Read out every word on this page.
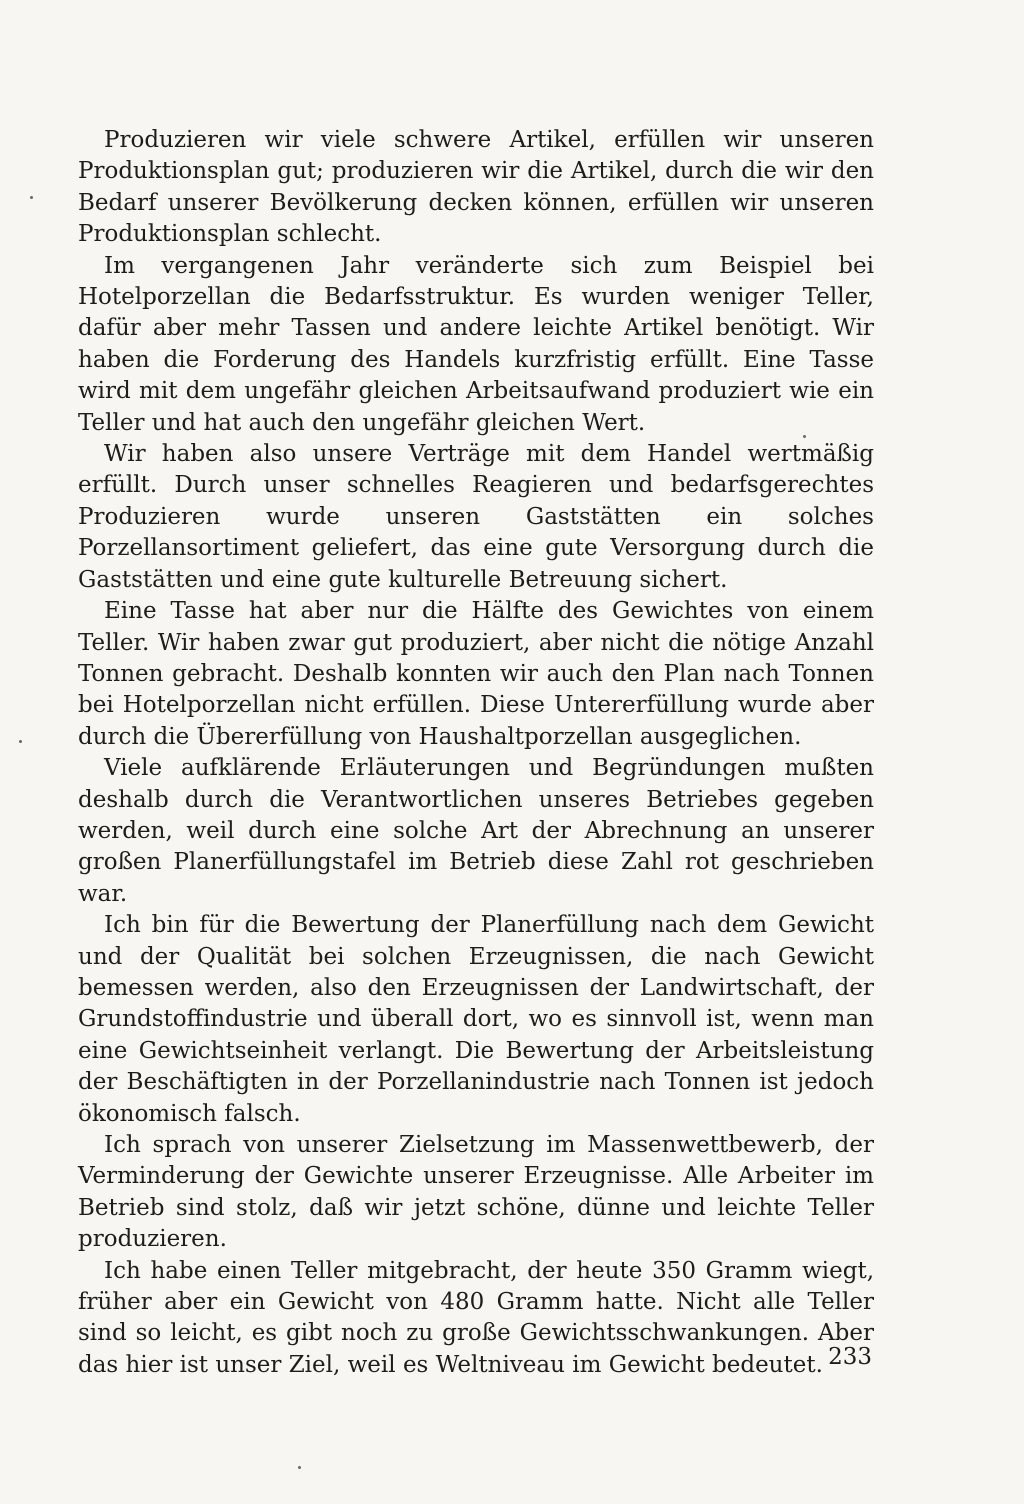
Produzieren wir viele schwere Artikel, erfüllen wir unseren Produktionsplan gut; produzieren wir die Artikel, durch die wir den Bedarf unserer Bevölkerung decken können, erfüllen wir unseren Produktionsplan schlecht.

Im vergangenen Jahr veränderte sich zum Beispiel bei Hotelporzellan die Bedarfsstruktur. Es wurden weniger Teller, dafür aber mehr Tassen und andere leichte Artikel benötigt. Wir haben die Forderung des Handels kurzfristig erfüllt. Eine Tasse wird mit dem ungefähr gleichen Arbeitsaufwand produziert wie ein Teller und hat auch den ungefähr gleichen Wert.

Wir haben also unsere Verträge mit dem Handel wertmäßig erfüllt. Durch unser schnelles Reagieren und bedarfsgerechtes Produzieren wurde unseren Gaststätten ein solches Porzellansortiment geliefert, das eine gute Versorgung durch die Gaststätten und eine gute kulturelle Betreuung sichert.

Eine Tasse hat aber nur die Hälfte des Gewichtes von einem Teller. Wir haben zwar gut produziert, aber nicht die nötige Anzahl Tonnen gebracht. Deshalb konnten wir auch den Plan nach Tonnen bei Hotelporzellan nicht erfüllen. Diese Untererfüllung wurde aber durch die Übererfüllung von Haushaltporzellan ausgeglichen.

Viele aufklärende Erläuterungen und Begründungen mußten deshalb durch die Verantwortlichen unseres Betriebes gegeben werden, weil durch eine solche Art der Abrechnung an unserer großen Planerfüllungstafel im Betrieb diese Zahl rot geschrieben war.

Ich bin für die Bewertung der Planerfüllung nach dem Gewicht und der Qualität bei solchen Erzeugnissen, die nach Gewicht bemessen werden, also den Erzeugnissen der Landwirtschaft, der Grundstoffindustrie und überall dort, wo es sinnvoll ist, wenn man eine Gewichtseinheit verlangt. Die Bewertung der Arbeitsleistung der Beschäftigten in der Porzellanindustrie nach Tonnen ist jedoch ökonomisch falsch.

Ich sprach von unserer Zielsetzung im Massenwettbewerb, der Verminderung der Gewichte unserer Erzeugnisse. Alle Arbeiter im Betrieb sind stolz, daß wir jetzt schöne, dünne und leichte Teller produzieren.

Ich habe einen Teller mitgebracht, der heute 350 Gramm wiegt, früher aber ein Gewicht von 480 Gramm hatte. Nicht alle Teller sind so leicht, es gibt noch zu große Gewichtsschwankungen. Aber das hier ist unser Ziel, weil es Weltniveau im Gewicht bedeutet. 233
